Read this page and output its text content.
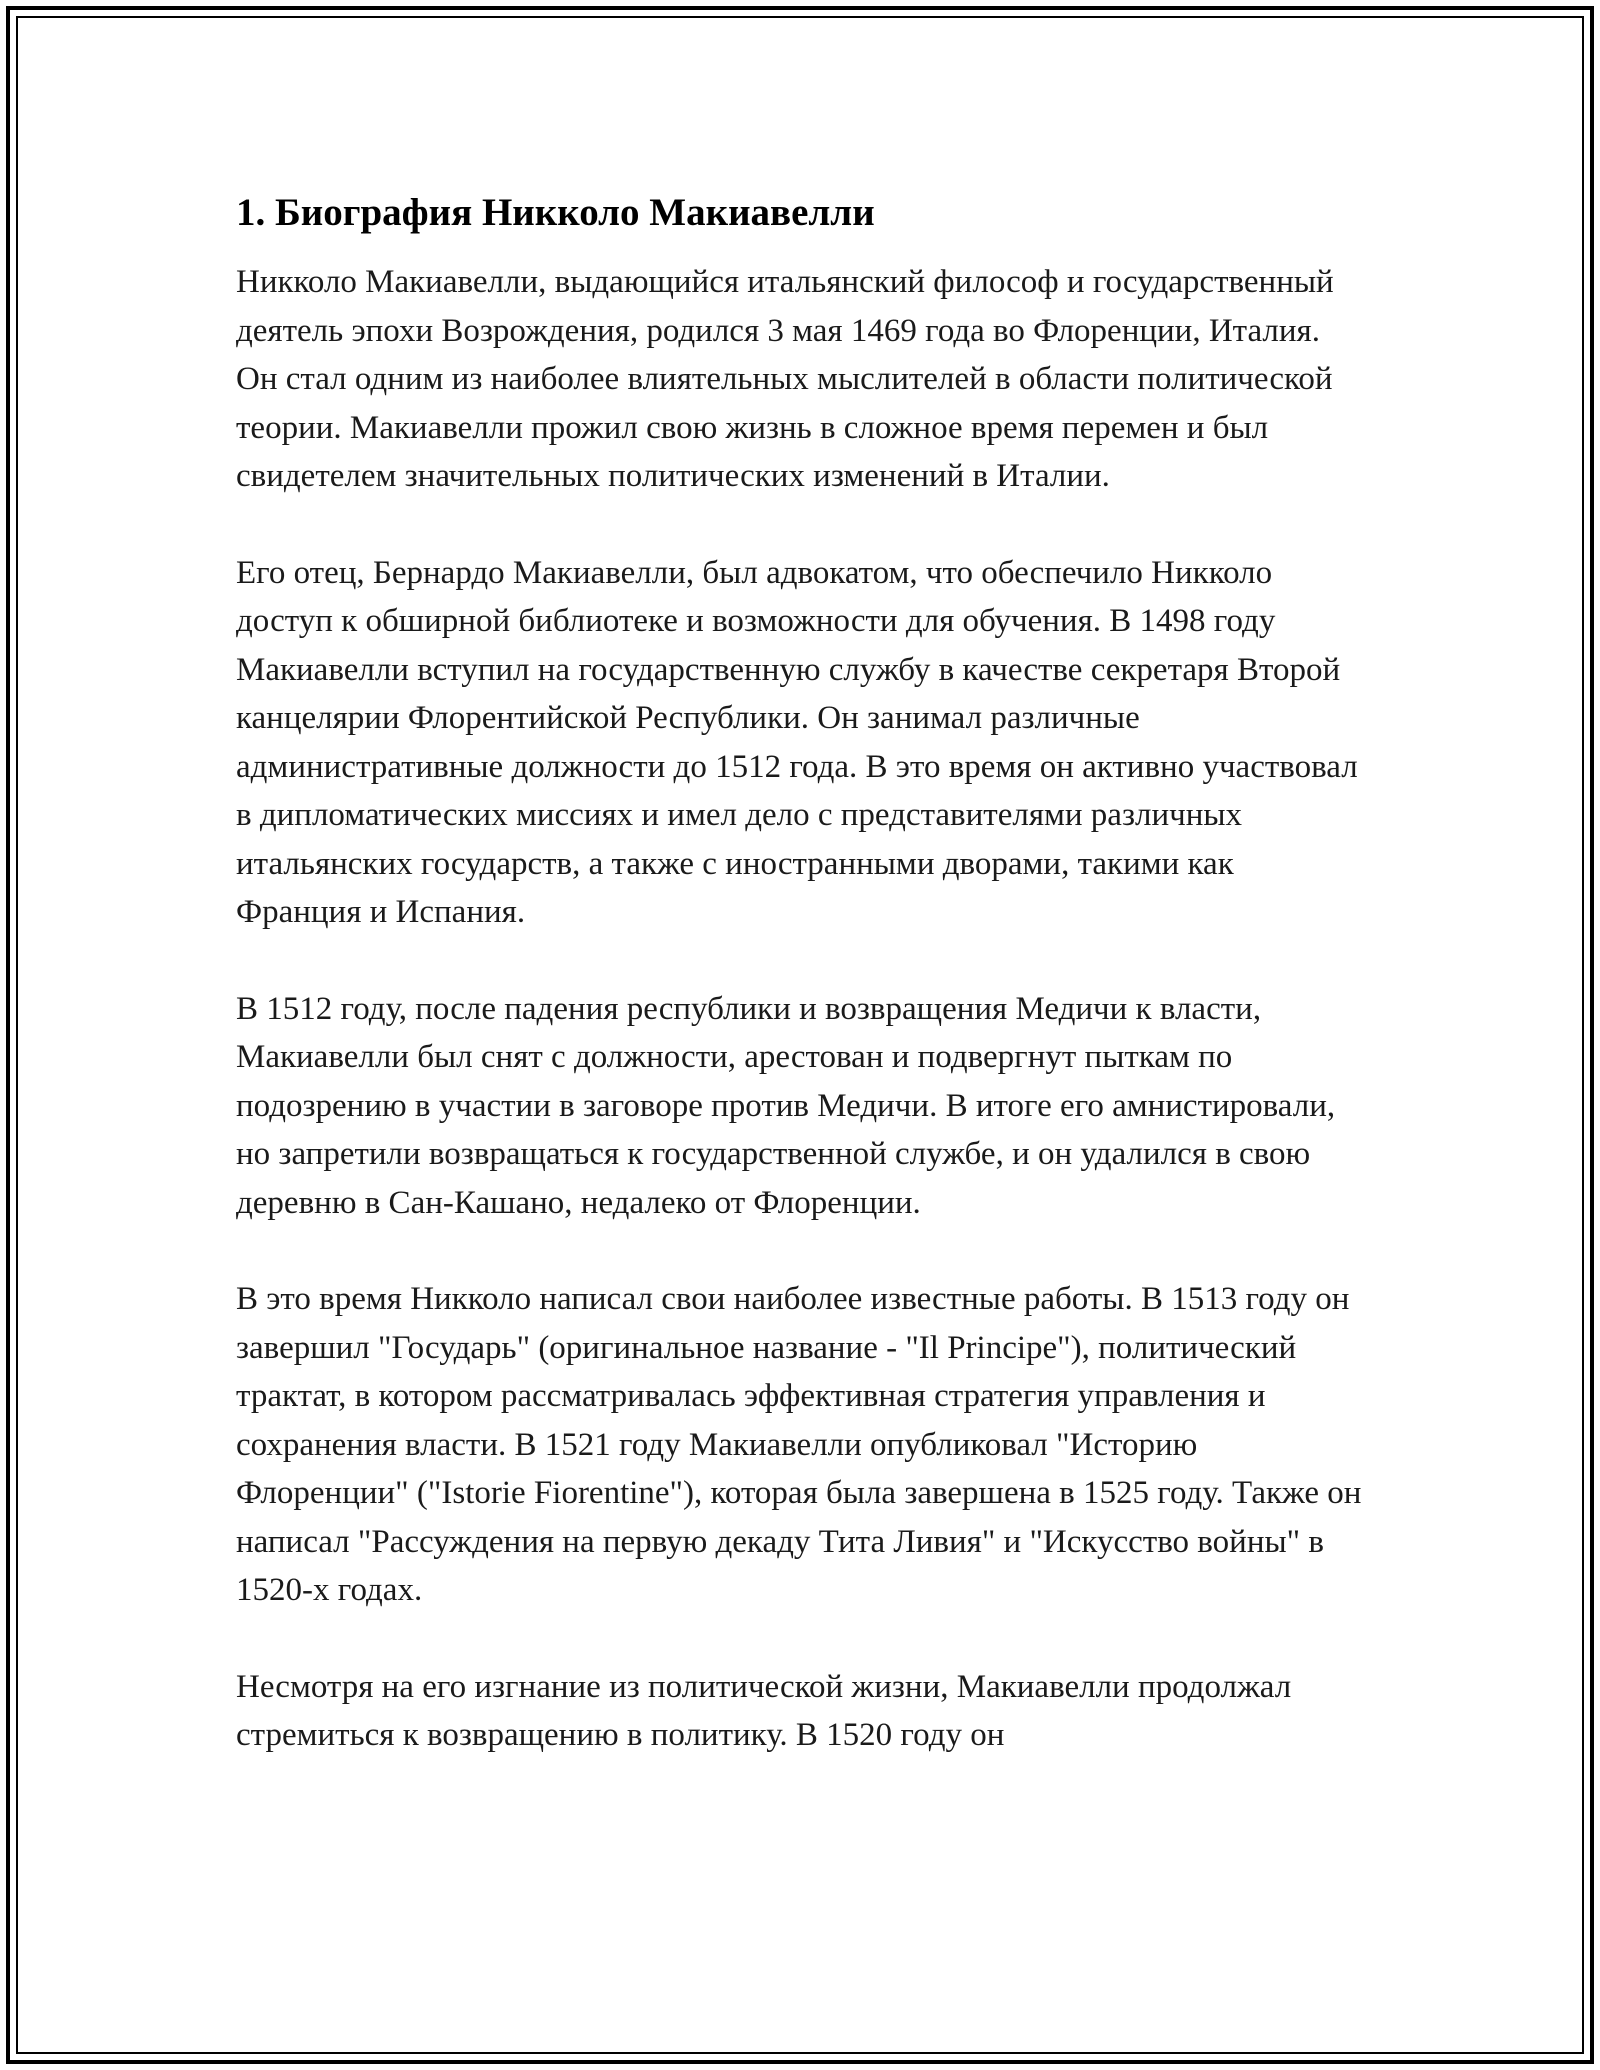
1. Биография Никколо Макиавелли

Никколо Макиавелли, выдающийся итальянский философ и государственный деятель эпохи Возрождения, родился 3 мая 1469 года во Флоренции, Италия. Он стал одним из наиболее влиятельных мыслителей в области политической теории. Макиавелли прожил свою жизнь в сложное время перемен и был свидетелем значительных политических изменений в Италии.

Его отец, Бернардо Макиавелли, был адвокатом, что обеспечило Никколо доступ к обширной библиотеке и возможности для обучения. В 1498 году Макиавелли вступил на государственную службу в качестве секретаря Второй канцелярии Флорентийской Республики. Он занимал различные административные должности до 1512 года. В это время он активно участвовал в дипломатических миссиях и имел дело с представителями различных итальянских государств, а также с иностранными дворами, такими как Франция и Испания.

В 1512 году, после падения республики и возвращения Медичи к власти, Макиавелли был снят с должности, арестован и подвергнут пыткам по подозрению в участии в заговоре против Медичи. В итоге его амнистировали, но запретили возвращаться к государственной службе, и он удалился в свою деревню в Сан-Кашано, недалеко от Флоренции.

В это время Никколо написал свои наиболее известные работы. В 1513 году он завершил "Государь" (оригинальное название - "Il Principe"), политический трактат, в котором рассматривалась эффективная стратегия управления и сохранения власти. В 1521 году Макиавелли опубликовал "Историю Флоренции" ("Istorie Fiorentine"), которая была завершена в 1525 году. Также он написал "Рассуждения на первую декаду Тита Ливия" и "Искусство войны" в 1520-х годах.

Несмотря на его изгнание из политической жизни, Макиавелли продолжал стремиться к возвращению в политику. В 1520 году он
